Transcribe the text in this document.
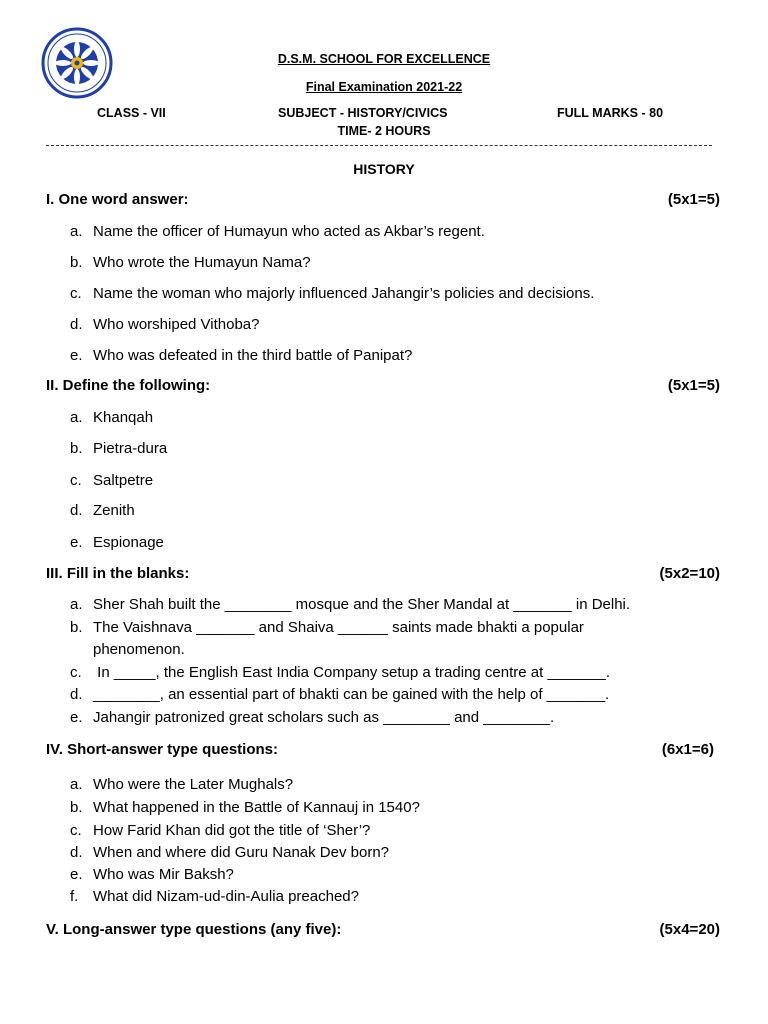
D.S.M. SCHOOL FOR EXCELLENCE
Final Examination 2021-22
CLASS - VII	SUBJECT - HISTORY/CIVICS	FULL MARKS - 80
TIME- 2 HOURS
HISTORY
I. One word answer:	(5x1=5)
a. Name the officer of Humayun who acted as Akbar’s regent.
b. Who wrote the Humayun Nama?
c. Name the woman who majorly influenced Jahangir’s policies and decisions.
d. Who worshiped Vithoba?
e. Who was defeated in the third battle of Panipat?
II. Define the following:	(5x1=5)
a. Khanqah
b. Pietra-dura
c. Saltpetre
d. Zenith
e. Espionage
III. Fill in the blanks:	(5x2=10)
a. Sher Shah built the ________ mosque and the Sher Mandal at _______ in Delhi.
b. The Vaishnava _______ and Shaiva ______ saints made bhakti a popular
phenomenon.
c. In _____, the English East India Company setup a trading centre at _______.
d. ________, an essential part of bhakti can be gained with the help of _______.
e. Jahangir patronized great scholars such as ________ and ________.
IV. Short-answer type questions:	(6x1=6)
a. Who were the Later Mughals?
b. What happened in the Battle of Kannauj in 1540?
c. How Farid Khan did got the title of ‘Sher’?
d. When and where did Guru Nanak Dev born?
e. Who was Mir Baksh?
f. What did Nizam-ud-din-Aulia preached?
V. Long-answer type questions (any five):	(5x4=20)
